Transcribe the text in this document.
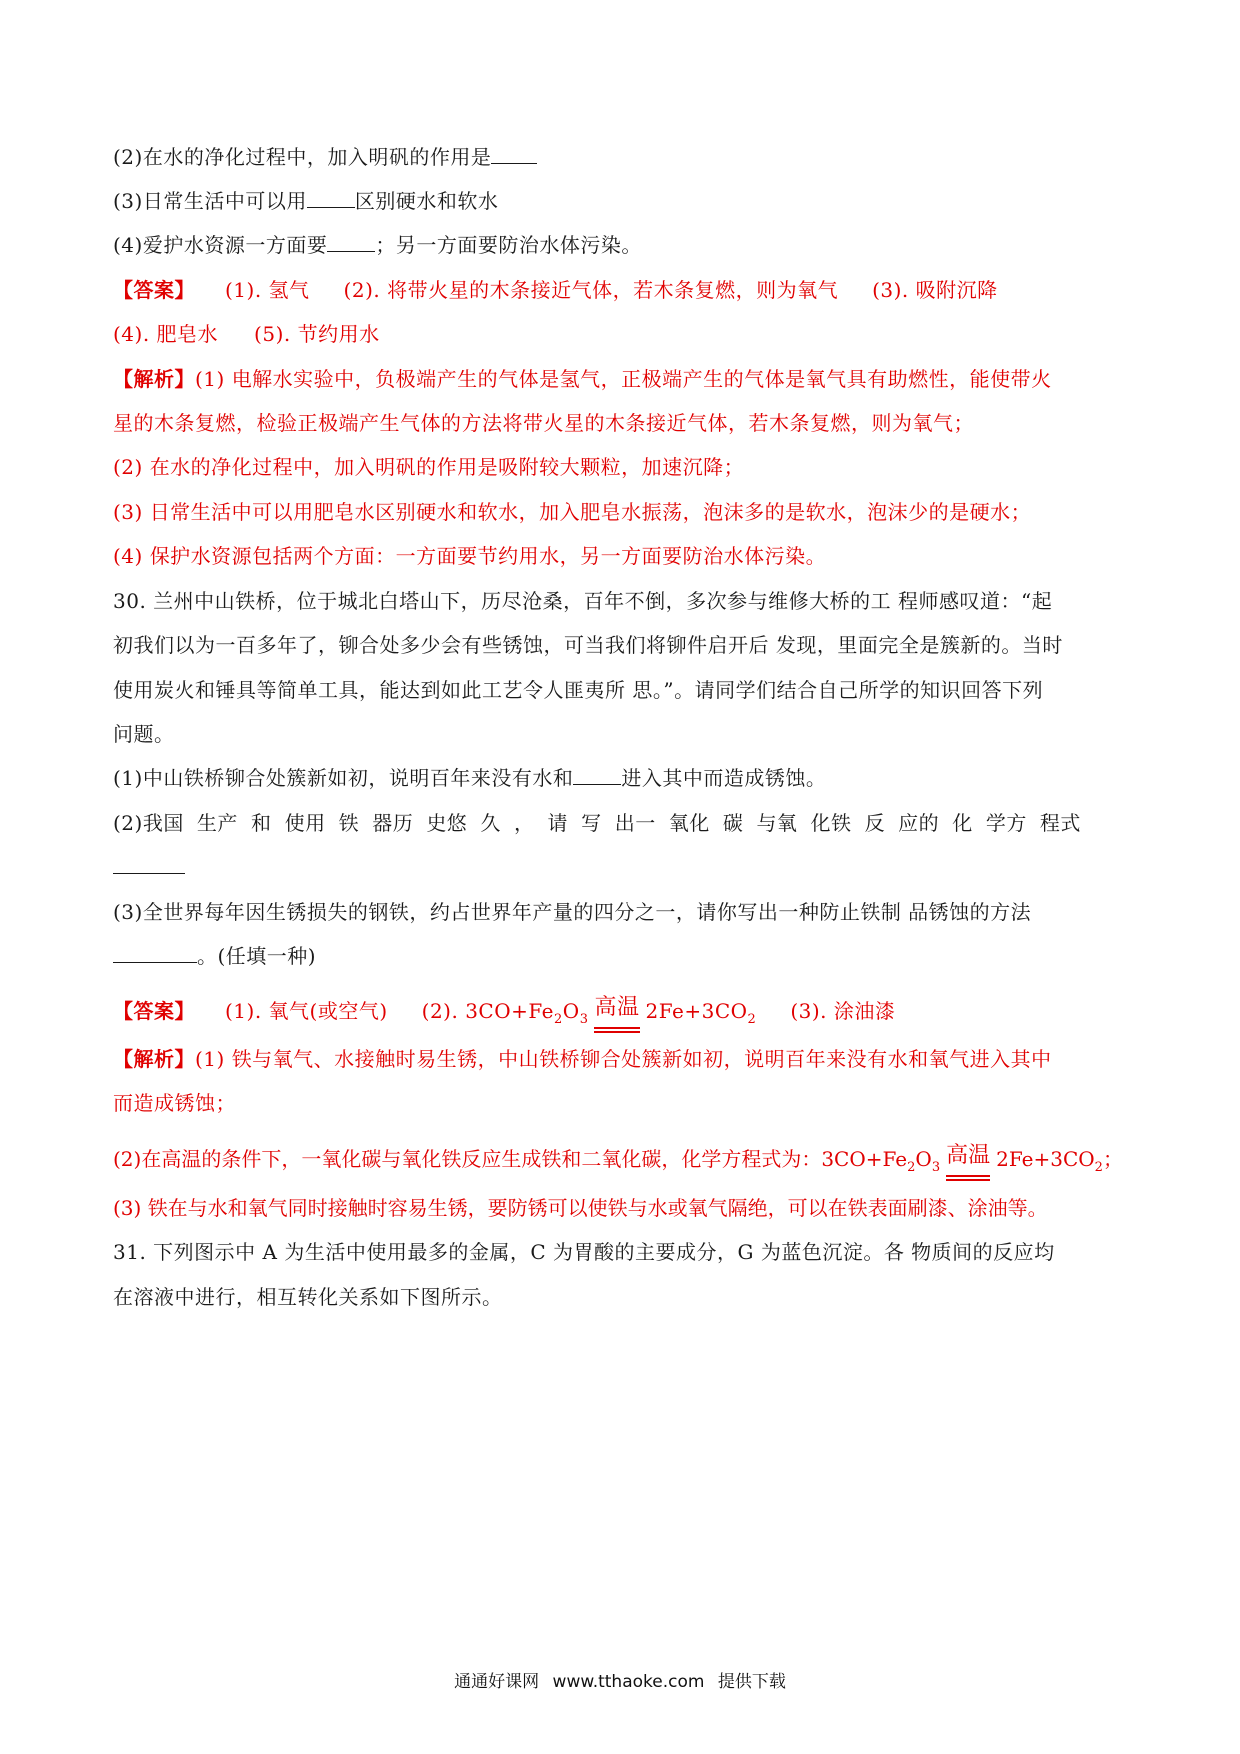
(2)在水的净化过程中，加入明矾的作用是
(3)日常生活中可以用 区别硬水和软水
(4)爱护水资源一方面要 ；另一方面要防治水体污染。
【答案】 (1). 氢气 (2). 将带火星的木条接近气体，若木条复燃，则为氧气 (3). 吸附沉降
(4). 肥皂水 (5). 节约用水
【解析】(1) 电解水实验中，负极端产生的气体是氢气，正极端产生的气体是氧气具有助燃性，能使带火
星的木条复燃，检验正极端产生气体的方法将带火星的木条接近气体，若木条复燃，则为氧气；
(2) 在水的净化过程中，加入明矾的作用是吸附较大颗粒，加速沉降；
(3) 日常生活中可以用肥皂水区别硬水和软水，加入肥皂水振荡，泡沫多的是软水，泡沫少的是硬水；
(4) 保护水资源包括两个方面：一方面要节约用水，另一方面要防治水体污染。
30. 兰州中山铁桥，位于城北白塔山下，历尽沧桑，百年不倒，多次参与维修大桥的工 程师感叹道：“起
初我们以为一百多年了，铆合处多少会有些锈蚀，可当我们将铆件启开后 发现，里面完全是簇新的。当时
使用炭火和锤具等简单工具，能达到如此工艺令人匪夷所 思。”。请同学们结合自己所学的知识回答下列
问题。
(1)中山铁桥铆合处簇新如初，说明百年来没有水和 进入其中而造成锈蚀。
(2)我国 生产 和 使用 铁 器历 史悠 久 ， 请 写 出一 氧化 碳 与氧 化铁 反 应的 化 学方 程式
(3)全世界每年因生锈损失的钢铁，约占世界年产量的四分之一，请你写出一种防止铁制 品锈蚀的方法
。(任填一种)
【答案】 (1). 氧气(或空气) (2). $3CO+Fe_2O_3$ 高温 $2Fe+3CO_2$ (3). 涂油漆
【解析】(1) 铁与氧气、水接触时易生锈，中山铁桥铆合处簇新如初，说明百年来没有水和氧气进入其中
而造成锈蚀；
(2)在高温的条件下，一氧化碳与氧化铁反应生成铁和二氧化碳，化学方程式为：$3CO+Fe_2O_3$ 高温 $2Fe+3CO_2$；
(3) 铁在与水和氧气同时接触时容易生锈，要防锈可以使铁与水或氧气隔绝，可以在铁表面刷漆、涂油等。
31. 下列图示中 A 为生活中使用最多的金属，C 为胃酸的主要成分，G 为蓝色沉淀。各 物质间的反应均
在溶液中进行，相互转化关系如下图所示。
通通好课网 www.tthaoke.com 提供下载
